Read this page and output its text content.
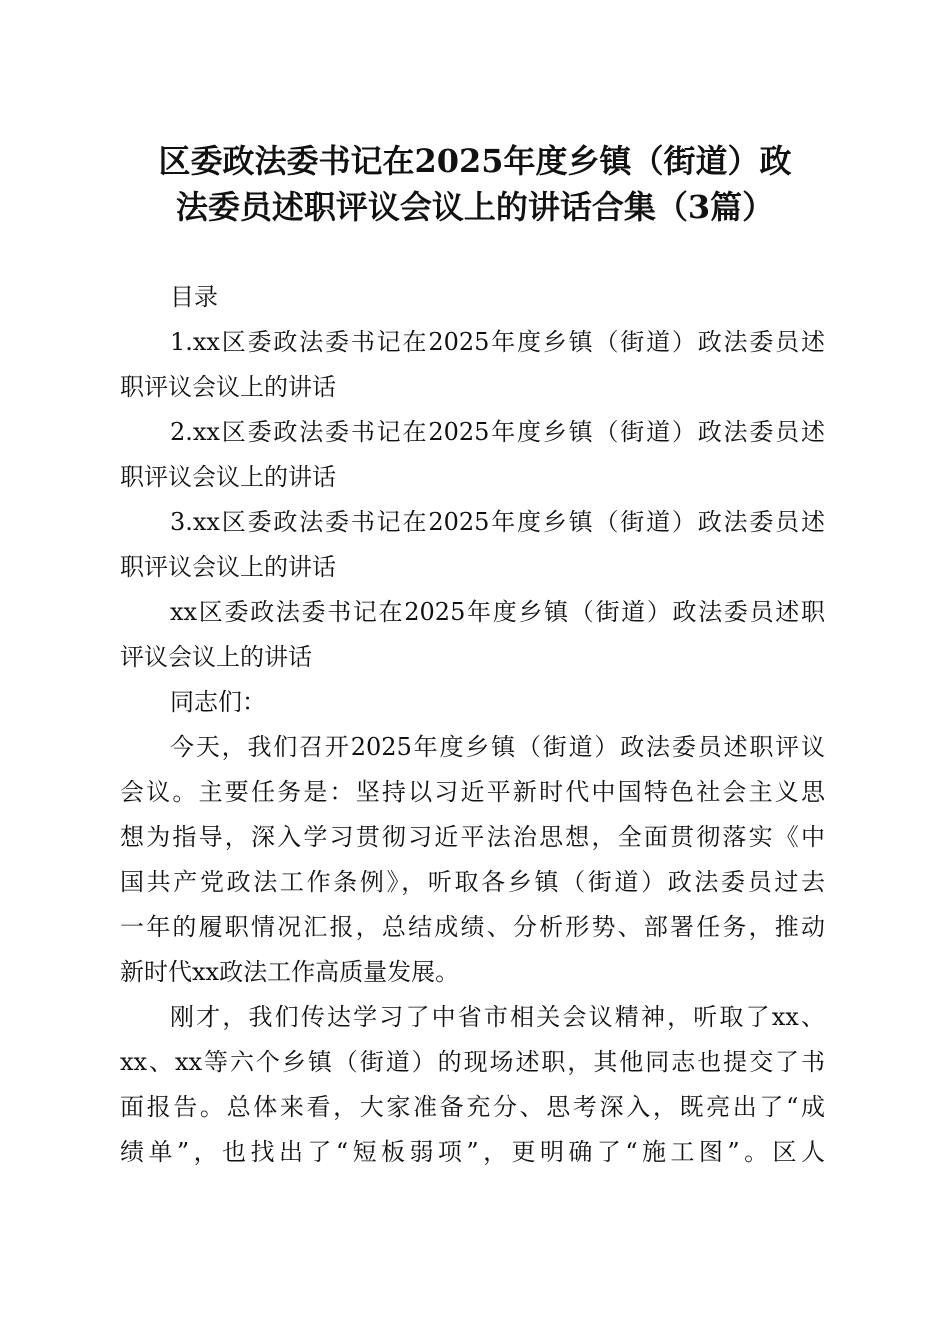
区委政法委书记在2025年度乡镇（街道）政
法委员述职评议会议上的讲话合集（3篇）
目录
1.xx区委政法委书记在2025年度乡镇（街道）政法委员述
职评议会议上的讲话
2.xx区委政法委书记在2025年度乡镇（街道）政法委员述
职评议会议上的讲话
3.xx区委政法委书记在2025年度乡镇（街道）政法委员述
职评议会议上的讲话
xx区委政法委书记在2025年度乡镇（街道）政法委员述职
评议会议上的讲话
同志们：
今天，我们召开2025年度乡镇（街道）政法委员述职评议
会议。主要任务是：坚持以习近平新时代中国特色社会主义思
想为指导，深入学习贯彻习近平法治思想，全面贯彻落实《中
国共产党政法工作条例》，听取各乡镇（街道）政法委员过去
一年的履职情况汇报，总结成绩、分析形势、部署任务，推动
新时代xx政法工作高质量发展。
刚才，我们传达学习了中省市相关会议精神，听取了xx、
xx、xx等六个乡镇（街道）的现场述职，其他同志也提交了书
面报告。总体来看，大家准备充分、思考深入，既亮出了“成
绩单”，也找出了“短板弱项”，更明确了“施工图”。区人
